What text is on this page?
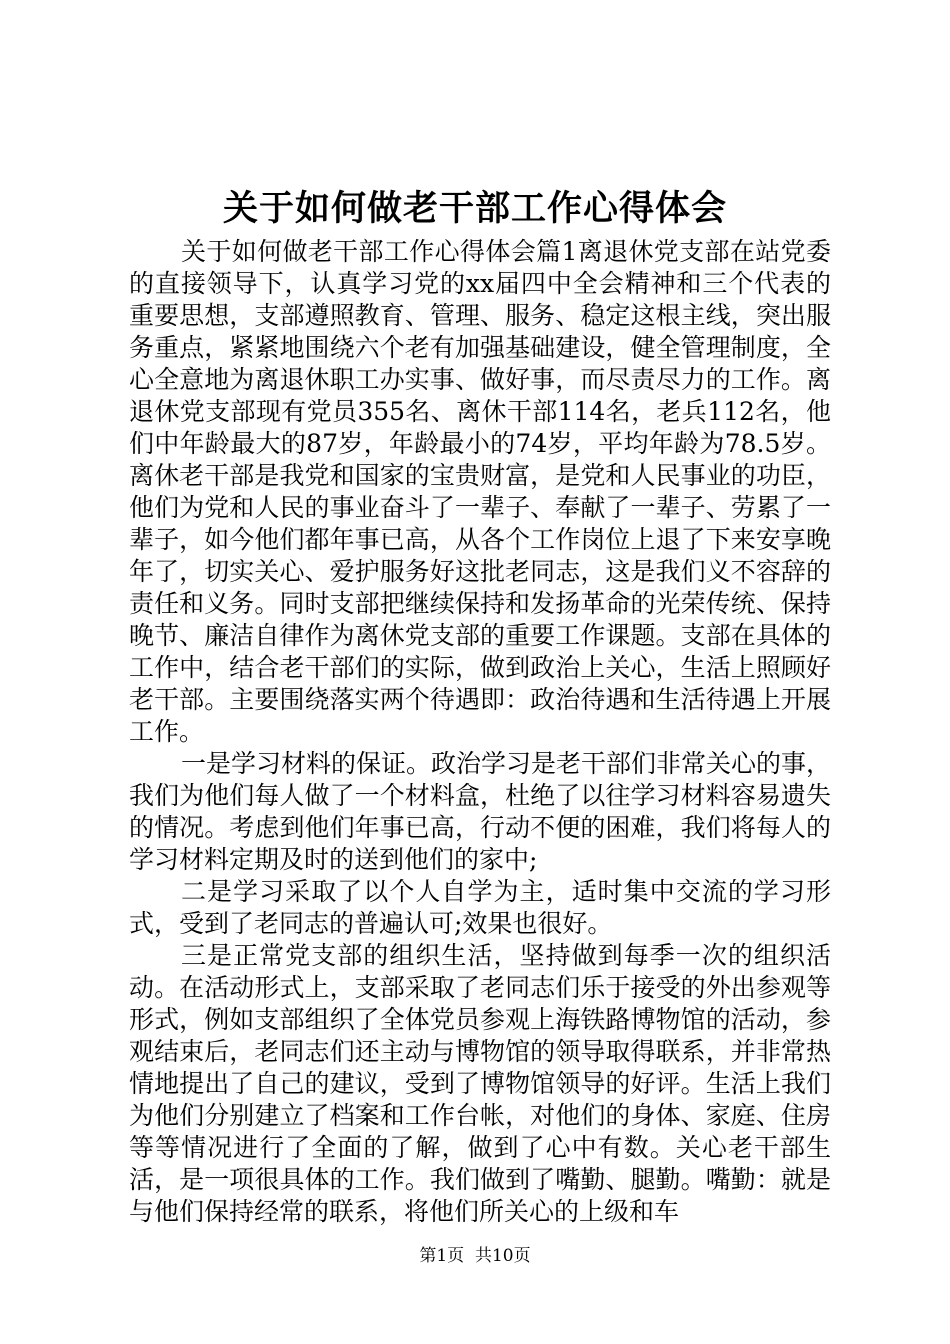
关于如何做老干部工作心得体会

关于如何做老干部工作心得体会篇1离退休党支部在站党委的直接领导下，认真学习党的xx届四中全会精神和三个代表的重要思想，支部遵照教育、管理、服务、稳定这根主线，突出服务重点，紧紧地围绕六个老有加强基础建设，健全管理制度，全心全意地为离退休职工办实事、做好事，而尽责尽力的工作。离退休党支部现有党员355名、离休干部114名，老兵112名，他们中年龄最大的87岁，年龄最小的74岁，平均年龄为78.5岁。离休老干部是我党和国家的宝贵财富，是党和人民事业的功臣，他们为党和人民的事业奋斗了一辈子、奉献了一辈子、劳累了一辈子，如今他们都年事已高，从各个工作岗位上退了下来安享晚年了，切实关心、爱护服务好这批老同志，这是我们义不容辞的责任和义务。同时支部把继续保持和发扬革命的光荣传统、保持晚节、廉洁自律作为离休党支部的重要工作课题。支部在具体的工作中，结合老干部们的实际，做到政治上关心，生活上照顾好老干部。主要围绕落实两个待遇即：政治待遇和生活待遇上开展工作。

一是学习材料的保证。政治学习是老干部们非常关心的事，我们为他们每人做了一个材料盒，杜绝了以往学习材料容易遗失的情况。考虑到他们年事已高，行动不便的困难，我们将每人的学习材料定期及时的送到他们的家中;

二是学习采取了以个人自学为主，适时集中交流的学习形式，受到了老同志的普遍认可;效果也很好。

三是正常党支部的组织生活，坚持做到每季一次的组织活动。在活动形式上，支部采取了老同志们乐于接受的外出参观等形式，例如支部组织了全体党员参观上海铁路博物馆的活动，参观结束后，老同志们还主动与博物馆的领导取得联系，并非常热情地提出了自己的建议，受到了博物馆领导的好评。生活上我们为他们分别建立了档案和工作台帐，对他们的身体、家庭、住房等等情况进行了全面的了解，做到了心中有数。关心老干部生活，是一项很具体的工作。我们做到了嘴勤、腿勤。嘴勤：就是与他们保持经常的联系，将他们所关心的上级和车

第1页  共10页
